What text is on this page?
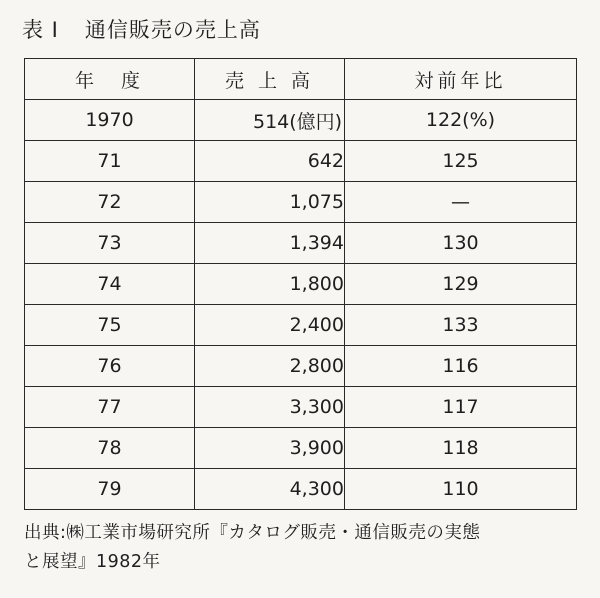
表 I 通信販売の売上高
年　度	売 上 高	対前年比
1970	514(億円)	122(%)
71	642	125
72	1,075	—
73	1,394	130
74	1,800	129
75	2,400	133
76	2,800	116
77	3,300	117
78	3,900	118
79	4,300	110
出典:㈱工業市場研究所『カタログ販売・通信販売の実態
と展望』1982年
